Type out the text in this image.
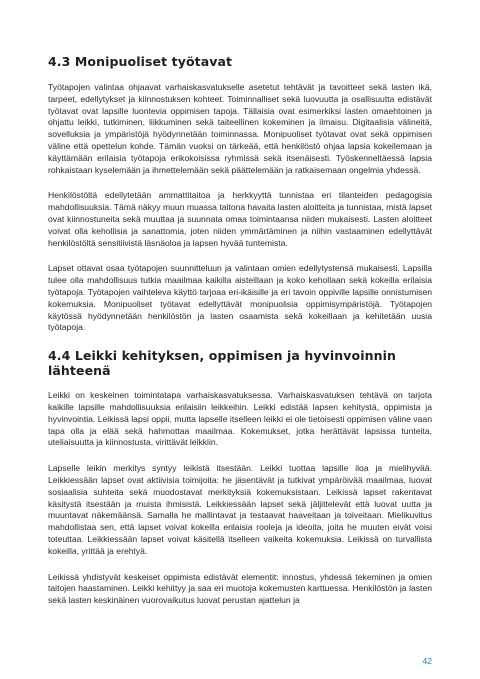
4.3 Monipuoliset työtavat

Työtapojen valintaa ohjaavat varhaiskasvatukselle asetetut tehtävät ja tavoitteet sekä lasten ikä, tarpeet, edellytykset ja kiinnostuksen kohteet. Toiminnalliset sekä luovuutta ja osallisuutta edistävät työtavat ovat lapsille luontevia oppimisen tapoja. Tällaisia ovat esimerkiksi lasten omaehtoinen ja ohjattu leikki, tutkiminen, liikkuminen sekä taiteellinen kokeminen ja ilmaisu. Digitaalisia välineitä, sovelluksia ja ympäristöjä hyödynnetään toiminnassa. Monipuoliset työtavat ovat sekä oppimisen väline että opettelun kohde. Tämän vuoksi on tärkeää, että henkilöstö ohjaa lapsia kokeilemaan ja käyttämään erilaisia työtapoja erikokoisissa ryhmissä sekä itsenäisesti. Työskenneltäessä lapsia rohkaistaan kyselemään ja ihmettelemään sekä päättelemään ja ratkaisemaan ongelmia yhdessä.

Henkilöstöltä edellytetään ammattitaitoa ja herkkyyttä tunnistaa eri tilanteiden pedagogisia mahdollisuuksia. Tämä näkyy muun muassa taitona havaita lasten aloitteita ja tunnistaa, mistä lapset ovat kiinnostuneita sekä muuttaa ja suunnata omaa toimintaansa niiden mukaisesti. Lasten aloitteet voivat olla kehollisia ja sanattomia, joten niiden ymmärtäminen ja niihin vastaaminen edellyttävät henkilöstöltä sensitiivistä läsnäoloa ja lapsen hyvää tuntemista.

Lapset ottavat osaa työtapojen suunnitteluun ja valintaan omien edellytystensä mukaisesti. Lapsilla tulee olla mahdollisuus tutkia maailmaa kaikilla aisteillaan ja koko kehollaan sekä kokeilla erilaisia työtapoja. Työtapojen vaihteleva käyttö tarjoaa eri-ikäisille ja eri tavoin oppiville lapsille onnistumisen kokemuksia. Monipuoliset työtavat edellyttävät monipuolisia oppimisympäristöjä. Työtapojen käytössä hyödynnetään henkilöstön ja lasten osaamista sekä kokeillaan ja kehitetään uusia työtapoja.

4.4 Leikki kehityksen, oppimisen ja hyvinvoinnin lähteenä

Leikki on keskeinen toimintatapa varhaiskasvatuksessa. Varhaiskasvatuksen tehtävä on tarjota kaikille lapsille mahdollisuuksia erilaisiin leikkeihin. Leikki edistää lapsen kehitystä, oppimista ja hyvinvointia. Leikissä lapsi oppii, mutta lapselle itselleen leikki ei ole tietoisesti oppimisen väline vaan tapa olla ja elää sekä hahmottaa maailmaa. Kokemukset, jotka herättävät lapsissa tunteita, uteliaisuutta ja kiinnostusta, virittävät leikkiin.

Lapselle leikin merkitys syntyy leikistä itsestään. Leikki tuottaa lapsille iloa ja mielihyvää. Leikkiessään lapset ovat aktiivisia toimijoita: he jäsentävät ja tutkivat ympäröivää maailmaa, luovat sosiaalisia suhteita sekä muodostavat merkityksiä kokemuksistaan. Leikissä lapset rakentavat käsitystä itsestään ja muista ihmisistä. Leikkiessään lapset sekä jäljittelevät että luovat uutta ja muuntavat näkemäänsä. Samalla he mallintavat ja testaavat haaveitaan ja toiveitaan. Mielikuvitus mahdollistaa sen, että lapset voivat kokeilla erilaisia rooleja ja ideoita, joita he muuten eivät voisi toteuttaa. Leikkiessään lapset voivat käsitellä itselleen vaikeita kokemuksia. Leikissä on turvallista kokeilla, yrittää ja erehtyä.

Leikissä yhdistyvät keskeiset oppimista edistävät elementit: innostus, yhdessä tekeminen ja omien taitojen haastaminen. Leikki kehittyy ja saa eri muotoja kokemusten karttuessa. Henkilöstön ja lasten sekä lasten keskinäinen vuorovaikutus luovat perustan ajattelun ja

42
